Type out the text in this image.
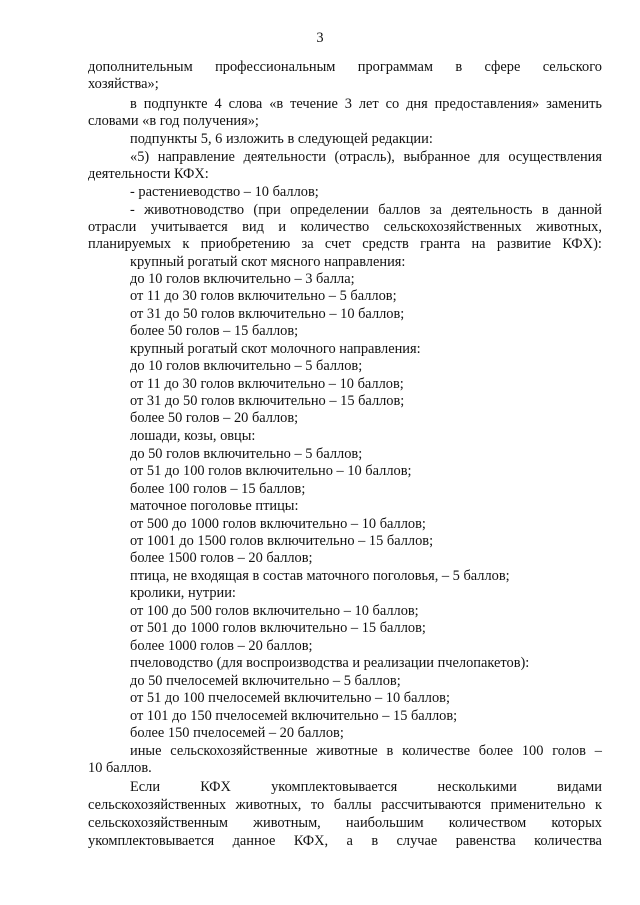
3
дополнительным профессиональным программам в сфере сельского
хозяйства»;
в подпункте 4 слова «в течение 3 лет со дня предоставления» заменить
словами «в год получения»;
подпункты 5, 6 изложить в следующей редакции:
«5) направление деятельности (отрасль), выбранное для осуществления
деятельности КФХ:
- растениеводство – 10 баллов;
- животноводство (при определении баллов за деятельность в данной
отрасли учитывается вид и количество сельскохозяйственных животных,
планируемых к приобретению за счет средств гранта на развитие КФХ):
крупный рогатый скот мясного направления:
до 10 голов включительно – 3 балла;
от 11 до 30 голов включительно – 5 баллов;
от 31 до 50 голов включительно – 10 баллов;
более 50 голов – 15 баллов;
крупный рогатый скот молочного направления:
до 10 голов включительно – 5 баллов;
от 11 до 30 голов включительно – 10 баллов;
от 31 до 50 голов включительно – 15 баллов;
более 50 голов – 20 баллов;
лошади, козы, овцы:
до 50 голов включительно – 5 баллов;
от 51 до 100 голов включительно – 10 баллов;
более 100 голов – 15 баллов;
маточное поголовье птицы:
от 500 до 1000 голов включительно – 10 баллов;
от 1001 до 1500 голов включительно – 15 баллов;
более 1500 голов – 20 баллов;
птица, не входящая в состав маточного поголовья, – 5 баллов;
кролики, нутрии:
от 100 до 500 голов включительно – 10 баллов;
от 501 до 1000 голов включительно – 15 баллов;
более 1000 голов – 20 баллов;
пчеловодство (для воспроизводства и реализации пчелопакетов):
до 50 пчелосемей включительно – 5 баллов;
от 51 до 100 пчелосемей включительно – 10 баллов;
от 101 до 150 пчелосемей включительно – 15 баллов;
более 150 пчелосемей – 20 баллов;
иные сельскохозяйственные животные в количестве более 100 голов –
10 баллов.
Если	КФХ	укомплектовывается	несколькими	видами
сельскохозяйственных животных, то баллы рассчитываются применительно к
сельскохозяйственным животным, наибольшим количеством которых
укомплектовывается данное КФХ, а в случае равенства количества
